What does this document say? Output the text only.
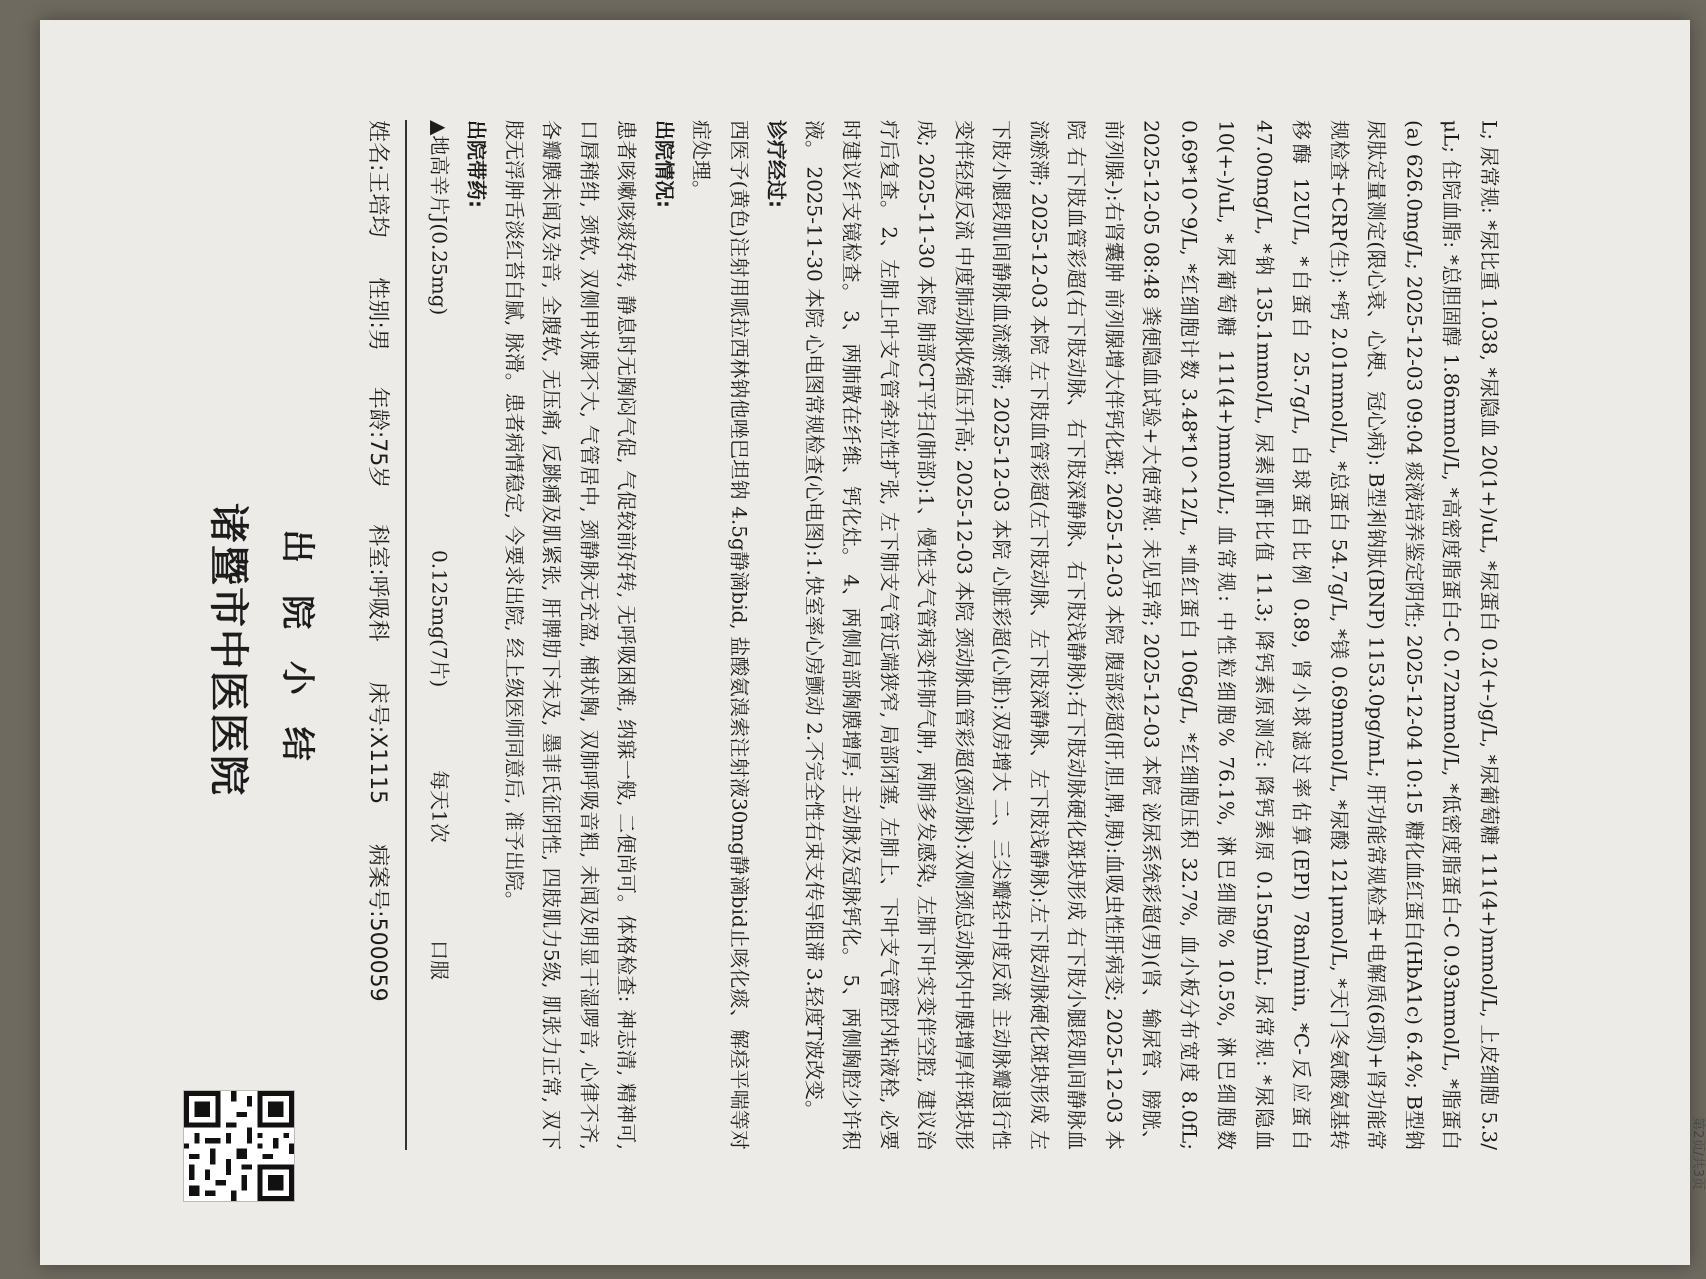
诸暨市中医医院 出 院 小 结
姓名:王培均
性别:男
年龄:75岁
科室:呼吸科
床号:X1115
病案号:500059	L; 尿常规: *尿比重 1.038, *尿隐血 20(1+)/uL, *尿蛋白 0.2(+-)g/L, *尿葡萄糖 111(4+)mmol/L, 上皮细胞 5.3/μL; 住院血脂: *总胆固醇 1.86mmol/L, *高密度脂蛋白-C 0.72mmol/L, *低密度脂蛋白-C 0.93mmol/L, *脂蛋白(a) 626.0mg/L; 2025-12-03 09:04 痰液培养鉴定阴性; 2025-12-04 10:15 糖化血红蛋白(HbA1c) 6.4%; B型钠尿肽定量测定(限心衰、心梗、冠心病): B型利钠肽(BNP) 1153.0pg/mL; 肝功能常规检查+电解质(6项)+肾功能常规检查+CRP(生): *钙 2.01mmol/L, *总蛋白 54.7g/L, *镁 0.69mmol/L, *尿酸 121μmol/L, *天门冬氨酸氨基转移酶 12U/L, *白蛋白 25.7g/L, 白球蛋白比例 0.89, 肾小球滤过率估算(EPI) 78ml/min, *C-反应蛋白 47.00mg/L, *钠 135.1mmol/L, 尿素肌酐比值 11.3; 降钙素原测定: 降钙素原 0.15ng/mL; 尿常规: *尿隐血 10(+-)/uL, *尿葡萄糖 111(4+)mmol/L; 血常规: 中性粒细胞% 76.1%, 淋巴细胞% 10.5%, 淋巴细胞数 0.69*10^9/L, *红细胞计数 3.48*10^12/L, *血红蛋白 106g/L, *红细胞压积 32.7%, 血小板分布宽度 8.0fL; 2025-12-05 08:48 粪便隐血试验+大便常规: 未见异常; 2025-12-03 本院 泌尿系统彩超(男)(肾、输尿管、膀胱、前列腺-):右肾囊肿 前列腺增大伴钙化斑; 2025-12-03 本院 腹部彩超(肝,胆,脾,胰):血吸虫性肝病变; 2025-12-03 本院 右下肢血管彩超(右下肢动脉、右下肢深静脉、右下肢浅静脉):右下肢动脉硬化斑块形成 右下肢小腿段肌间静脉血流瘀滞; 2025-12-03 本院 左下肢血管彩超(左下肢动脉、左下肢深静脉、左下肢浅静脉):左下肢动脉硬化斑块形成 左下肢小腿段肌间静脉血流瘀滞; 2025-12-03 本院 心脏彩超(心脏):双房增大 二、三尖瓣轻中度反流 主动脉瓣退行性变伴轻度反流 中度肺动脉收缩压升高; 2025-12-03 本院 颈动脉血管彩超(颈动脉):双侧颈总动脉内中膜增厚伴斑块形成; 2025-11-30 本院 肺部CT平扫(肺部):1、慢性支气管病变伴肺气肿, 两肺多发感染, 左肺下叶实变伴空腔, 建议治疗后复查。 2、左肺上叶支气管牵拉性扩张, 左下肺支气管近端狭窄, 局部闭塞, 左肺上、下叶支气管腔内粘液栓, 必要时建议纤支镜检查。 3、两肺散在纤维、钙化灶。 4、两侧局部胸膜增厚; 主动脉及冠脉钙化。 5、两侧胸腔少许积液。 2025-11-30 本院 心电图常规检查(心电图):1.快室率心房颤动 2.不完全性右束支传导阻滞 3.轻度T波改变。

诊疗经过:

西医予(黄色)注射用哌拉西林钠他唑巴坦钠 4.5g静滴bid, 盐酸氨溴索注射液30mg静滴bid止咳化痰、解痉平喘等对症处理。

出院情况:

患者咳嗽咳痰好转, 静息时无胸闷气促, 气促较前好转, 无呼吸困难, 纳寐一般, 二便尚可。体格检查: 神志清, 精神可, 口唇稍绀, 颈软, 双侧甲状腺不大, 气管居中, 颈静脉无充盈, 桶状胸, 双肺呼吸音粗, 未闻及明显干湿啰音, 心律不齐, 各瓣膜未闻及杂音, 全腹软, 无压痛, 反跳痛及肌紧张, 肝脾肋下未及, 墨菲氏征阴性, 四肢肌力5级, 肌张力正常, 双下肢无浮肿舌淡红苔白腻, 脉滑。患者病情稳定, 今要求出院, 经上级医师同意后, 准予出院。

出院带药:

▲地高辛片J(0.25mg)
0.125mg(7片)
每天1次
口服
第2页/共3页
